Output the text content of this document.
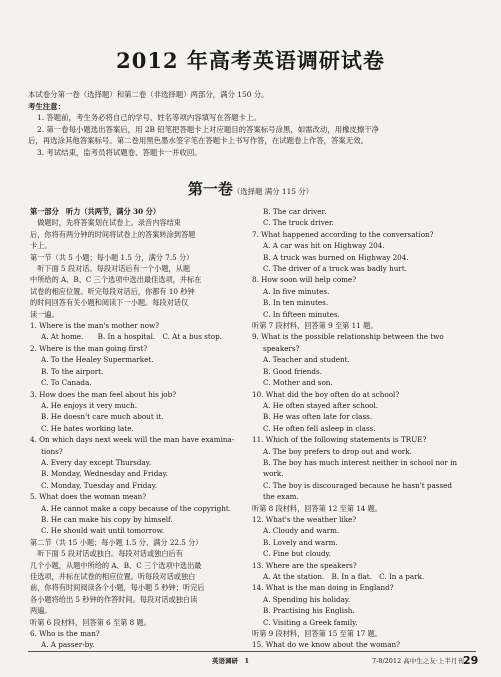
2012 年高考英语调研试卷

本试卷分第一卷（选择题）和第二卷（非选择题）两部分，满分 150 分。

考生注意：

1. 答题前，考生务必将自己的学号、姓名等项内容填写在答题卡上。

2. 第一卷每小题选出答案后，用 2B 铅笔把答题卡上对应题目的答案标号涂黑，如需改动，用橡皮擦干净

后，再选涂其他答案标号。第二卷用黑色墨水签字笔在答题卡上书写作答，在试题卷上作答，答案无效。

3. 考试结束，监考员将试题卷、答题卡一并收回。

第一卷（选择题 满分 115 分）
第一部分　听力（共两节，满分 30 分）
　做题时，先将答案划在试卷上。录音内容结束
后，你将有两分钟的时间将试卷上的答案转涂到答题
卡上。
第一节（共 5 小题；每小题 1.5 分，满分 7.5 分）
　听下面 5 段对话。每段对话后有一个小题，从题
中所给的 A、B、C 三个选项中选出最佳选项，并标在
试卷的相应位置。听完每段对话后，你都有 10 秒钟
的时间回答有关小题和阅读下一小题。每段对话仅
读一遍。
1. Where is the man's mother now?
A. At home.　　B. In a hospital.　C. At a bus stop.
2. Where is the man going first?
A. To the Healey Supermarket.
B. To the airport.
C. To Canada.
3. How does the man feel about his job?
A. He enjoys it very much.
B. He doesn't care much about it.
C. He hates working late.
4. On which days next week will the man have examina-
tions?
A. Every day except Thursday.
B. Monday, Wednesday and Friday.
C. Monday, Tuesday and Friday.
5. What does the woman mean?
A. He cannot make a copy because of the copyright.
B. He can make his copy by himself.
C. He should wait until tomorrow.
第二节（共 15 小题；每小题 1.5 分，满分 22.5 分）
　听下面 5 段对话或独白。每段对话或独白后有
几个小题，从题中所给的 A、B、C 三个选项中选出最
佳选项，并标在试卷的相应位置。听每段对话或独白
前，你将有时间阅读各个小题，每小题 5 秒钟；听完后
各小题将给出 5 秒钟的作答时间。每段对话或独白读
两遍。
听第 6 段材料，回答第 6 至第 8 题。
6. Who is the man?
A. A passer-by.
B. The car driver.
C. The truck driver.
7. What happened according to the conversation?
A. A car was hit on Highway 204.
B. A truck was burned on Highway 204.
C. The driver of a truck was badly hurt.
8. How soon will help come?
A. In five minutes.
B. In ten minutes.
C. In fifteen minutes.
听第 7 段材料，回答第 9 至第 11 题。
9. What is the possible relationship between the two
speakers?
A. Teacher and student.
B. Good friends.
C. Mother and son.
10. What did the boy often do at school?
A. He often stayed after school.
B. He was often late for class.
C. He often fell asleep in class.
11. Which of the following statements is TRUE?
A. The boy prefers to drop out and work.
B. The boy has much interest neither in school nor in
work.
C. The boy is discouraged because he hasn't passed
the exam.
听第 8 段材料，回答第 12 至第 14 题。
12. What's the weather like?
A. Cloudy and warm.
B. Lovely and warm.
C. Fine but cloudy.
13. Where are the speakers?
A. At the station.　B. In a flat.　C. In a park.
14. What is the man doing in England?
A. Spending his holiday.
B. Practising his English.
C. Visiting a Greek family.
听第 9 段材料，回答第 15 至第 17 题。
15. What do we know about the woman?
英语调研　1	7-8/2012 高中生之友·上半月刊 29
